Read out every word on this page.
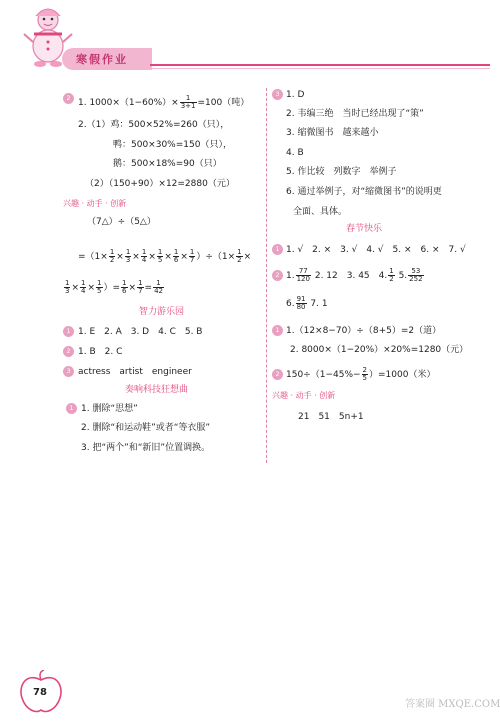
寒假作业
2 1. $1000\times(1-60\%)\times \frac{1}{3+1} =100$（吨）
2.（1）鸡：500×52%=260（只），
鸭：500×30%=150（只），
鹅：500×18%=90（只）
（2）（150+90）×12=2880（元）
兴趣 · 动手 · 创新
（7△）÷（5△）
$=(1\times \frac{1}{2} \times \frac{1}{3} \times \frac{1}{4} \times \frac{1}{5} \times \frac{1}{6} \times \frac{1}{7} )\div(1\times \frac{1}{2}$ ×
$\frac{1}{3} \times \frac{1}{4} \times \frac{1}{5}$ ）= $\frac{1}{6} \times \frac{1}{7} = \frac{1}{42}$
智力游乐园
1 1. E　2. A　3. D　4. C　5. B
2 1. B　2. C
3 actress　artist　engineer
奏响科技狂想曲
1 1. 删除“思想”
2. 删除“和运动鞋”或者“等衣服”
3. 把“两个”和“新旧”位置调换。
3 1. D
2. 韦编三绝　当时已经出现了“策”
3. 缩微图书　越来越小
4. B
5. 作比较　列数字　举例子
6. 通过举例子，对“缩微图书”的说明更
全面、具体。
春节快乐
1 1. √　2. ×　3. √　4. √　5. ×　6. ×　7. √
2 1. $\frac{77}{120} 2$. 12　3. 45　4. $\frac{1}{2} 5$. $\frac{53}{252}$
6. $\frac{91}{80} 7$. 1
1 1.（12×8−70）÷（8+5）=2（道）
2. 8000×（1−20%）×20%=1280（元）
2 $150\div(1-45\%- \frac{2}{5} )=1000$（米）
兴趣 · 动手 · 创新
21　51　5n+1
78
答案圈 MXQE.COM
